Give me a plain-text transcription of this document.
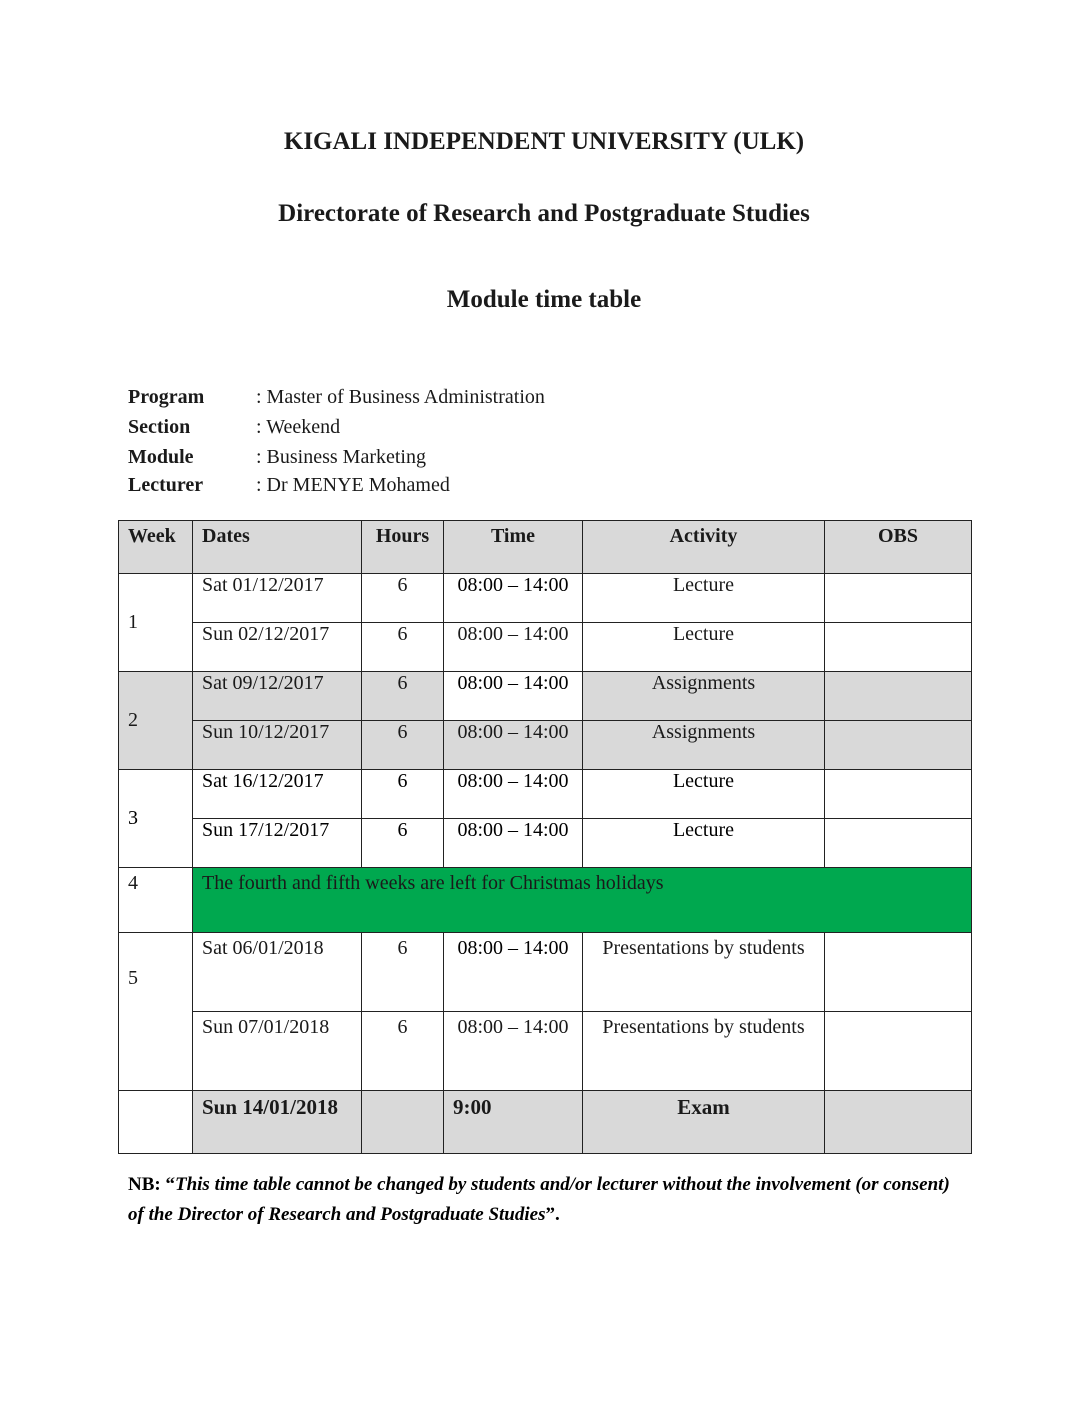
KIGALI INDEPENDENT UNIVERSITY (ULK)
Directorate of Research and Postgraduate Studies
Module time table
Program	: Master of Business Administration
Section	: Weekend
Module	: Business Marketing
Lecturer	: Dr MENYE Mohamed
Week	Dates	Hours	Time	Activity	OBS
1	Sat 01/12/2017	6	08:00 – 14:00	Lecture	
	Sun 02/12/2017	6	08:00 – 14:00	Lecture	
2	Sat 09/12/2017	6	08:00 – 14:00	Assignments	
	Sun 10/12/2017	6	08:00 – 14:00	Assignments	
3	Sat 16/12/2017	6	08:00 – 14:00	Lecture	
	Sun 17/12/2017	6	08:00 – 14:00	Lecture	
4	The fourth and fifth weeks are left for Christmas holidays				
5	Sat 06/01/2018	6	08:00 – 14:00	Presentations by students	
	Sun 07/01/2018	6	08:00 – 14:00	Presentations by students	
	Sun 14/01/2018		9:00	Exam	
NB: “This time table cannot be changed by students and/or lecturer without the involvement (or consent) of the Director of Research and Postgraduate Studies”.
